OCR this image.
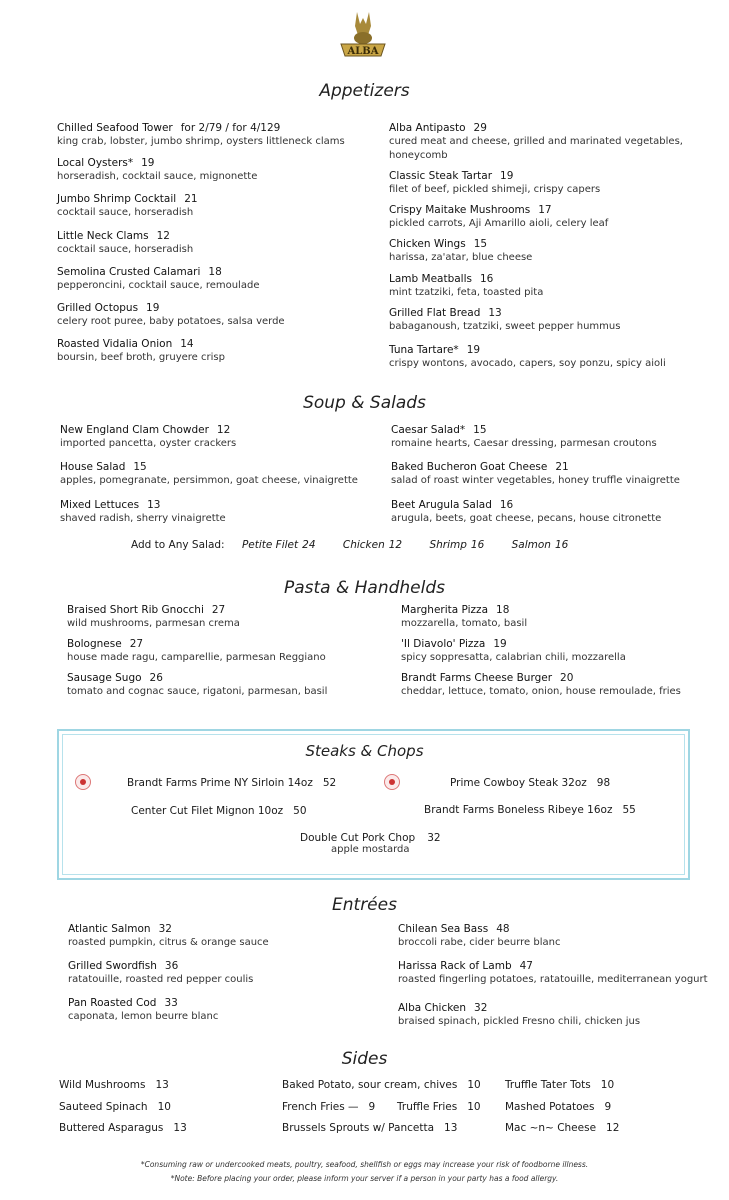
ALBA
Appetizers
Soup & Salads
Pasta & Handhelds
Steaks & Chops
Entrées
Sides
Chilled Seafood Tower for 2/79 / for 4/129
king crab, lobster, jumbo shrimp, oysters littleneck clams
Local Oysters* 19
horseradish, cocktail sauce, mignonette
Jumbo Shrimp Cocktail 21
cocktail sauce, horseradish
Little Neck Clams 12
cocktail sauce, horseradish
Semolina Crusted Calamari 18
pepperoncini, cocktail sauce, remoulade
Grilled Octopus 19
celery root puree, baby potatoes, salsa verde
Roasted Vidalia Onion 14
boursin, beef broth, gruyere crisp
Alba Antipasto 29
cured meat and cheese, grilled and marinated vegetables, honeycomb
Classic Steak Tartar 19
filet of beef, pickled shimeji, crispy capers
Crispy Maitake Mushrooms 17
pickled carrots, Aji Amarillo aioli, celery leaf
Chicken Wings 15
harissa, za'atar, blue cheese
Lamb Meatballs 16
mint tzatziki, feta, toasted pita
Grilled Flat Bread 13
babaganoush, tzatziki, sweet pepper hummus
Tuna Tartare* 19
crispy wontons, avocado, capers, soy ponzu, spicy aioli
New England Clam Chowder 12
imported pancetta, oyster crackers
House Salad 15
apples, pomegranate, persimmon, goat cheese, vinaigrette
Mixed Lettuces 13
shaved radish, sherry vinaigrette
Caesar Salad* 15
romaine hearts, Caesar dressing, parmesan croutons
Baked Bucheron Goat Cheese 21
salad of roast winter vegetables, honey truffle vinaigrette
Beet Arugula Salad 16
arugula, beets, goat cheese, pecans, house citronette
Add to Any Salad: Petite Filet 24	Chicken 12	Shrimp 16	Salmon 16
Braised Short Rib Gnocchi 27
wild mushrooms, parmesan crema
Bolognese 27
house made ragu, camparellie, parmesan Reggiano
Sausage Sugo 26
tomato and cognac sauce, rigatoni, parmesan, basil
Margherita Pizza 18
mozzarella, tomato, basil
'Il Diavolo' Pizza 19
spicy soppresatta, calabrian chili, mozzarella
Brandt Farms Cheese Burger 20
cheddar, lettuce, tomato, onion, house remoulade, fries
Brandt Farms Prime NY Sirloin 14oz 52	Prime Cowboy Steak 32oz 98
Center Cut Filet Mignon 10oz 50	Brandt Farms Boneless Ribeye 16oz 55
Double Cut Pork Chop 32
apple mostarda
Atlantic Salmon 32
roasted pumpkin, citrus & orange sauce
Grilled Swordfish 36
ratatouille, roasted red pepper coulis
Pan Roasted Cod 33
caponata, lemon beurre blanc
Chilean Sea Bass 48
broccoli rabe, cider beurre blanc
Harissa Rack of Lamb 47
roasted fingerling potatoes, ratatouille, mediterranean yogurt
Alba Chicken 32
braised spinach, pickled Fresno chili, chicken jus
Wild Mushrooms 13
Sauteed Spinach 10
Buttered Asparagus 13
Baked Potato, sour cream, chives 10
French Fries — 9 Truffle Fries 10
Brussels Sprouts w/ Pancetta 13
Truffle Tater Tots 10
Mashed Potatoes 9
Mac ~n~ Cheese 12
*Consuming raw or undercooked meats, poultry, seafood, shellfish or eggs may increase your risk of foodborne illness.
*Note: Before placing your order, please inform your server if a person in your party has a food allergy.
